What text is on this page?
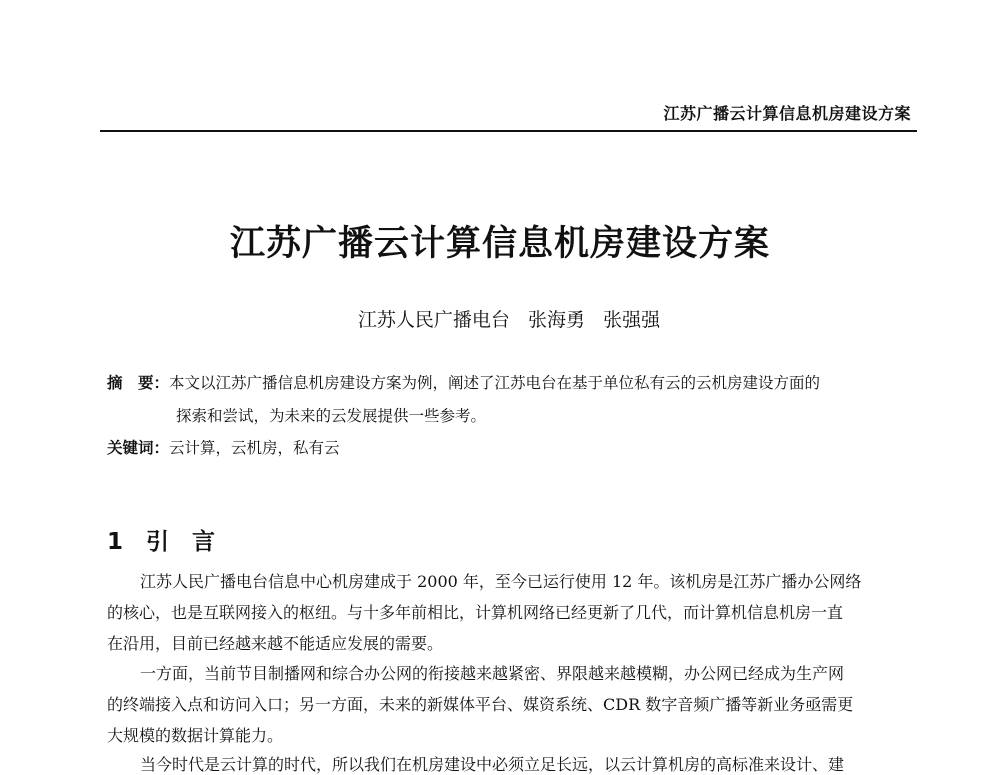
江苏广播云计算信息机房建设方案
江苏广播云计算信息机房建设方案
江苏人民广播电台 张海勇 张强强
摘　要：本文以江苏广播信息机房建设方案为例，阐述了江苏电台在基于单位私有云的云机房建设方面的
探索和尝试，为未来的云发展提供一些参考。
关键词：云计算，云机房，私有云
1　引　言
江苏人民广播电台信息中心机房建成于 2000 年，至今已运行使用 12 年。该机房是江苏广播办公网络
的核心，也是互联网接入的枢纽。与十多年前相比，计算机网络已经更新了几代，而计算机信息机房一直
在沿用，目前已经越来越不能适应发展的需要。
一方面，当前节目制播网和综合办公网的衔接越来越紧密、界限越来越模糊，办公网已经成为生产网
的终端接入点和访问入口；另一方面，未来的新媒体平台、媒资系统、CDR 数字音频广播等新业务亟需更
大规模的数据计算能力。
当今时代是云计算的时代，所以我们在机房建设中必须立足长远，以云计算机房的高标准来设计、建
